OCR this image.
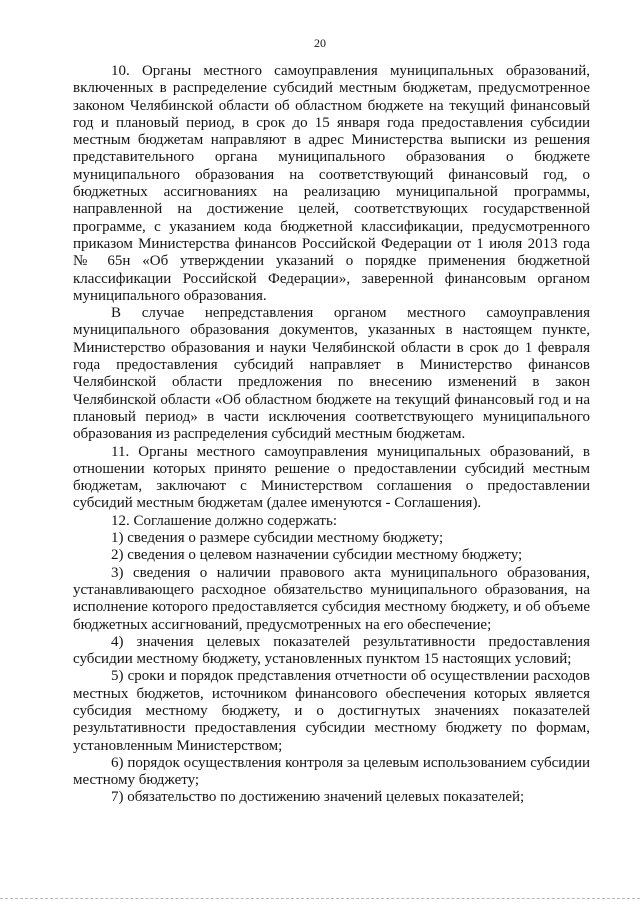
20

10. Органы местного самоуправления муниципальных образований, включенных в распределение субсидий местным бюджетам, предусмотренное законом Челябинской области об областном бюджете на текущий финансовый год и плановый период, в срок до 15 января года предоставления субсидии местным бюджетам направляют в адрес Министерства выписки из решения представительного органа муниципального образования о бюджете муниципального образования на соответствующий финансовый год, о бюджетных ассигнованиях на реализацию муниципальной программы, направленной на достижение целей, соответствующих государственной программе, с указанием кода бюджетной классификации, предусмотренного приказом Министерства финансов Российской Федерации от 1 июля 2013 года № 65н «Об утверждении указаний о порядке применения бюджетной классификации Российской Федерации», заверенной финансовым органом муниципального образования.

В случае непредставления органом местного самоуправления муниципального образования документов, указанных в настоящем пункте, Министерство образования и науки Челябинской области в срок до 1 февраля года предоставления субсидий направляет в Министерство финансов Челябинской области предложения по внесению изменений в закон Челябинской области «Об областном бюджете на текущий финансовый год и на плановый период» в части исключения соответствующего муниципального образования из распределения субсидий местным бюджетам.

11. Органы местного самоуправления муниципальных образований, в отношении которых принято решение о предоставлении субсидий местным бюджетам, заключают с Министерством соглашения о предоставлении субсидий местным бюджетам (далее именуются - Соглашения).

12. Соглашение должно содержать:

1) сведения о размере субсидии местному бюджету;

2) сведения о целевом назначении субсидии местному бюджету;

3) сведения о наличии правового акта муниципального образования, устанавливающего расходное обязательство муниципального образования, на исполнение которого предоставляется субсидия местному бюджету, и об объеме бюджетных ассигнований, предусмотренных на его обеспечение;

4) значения целевых показателей результативности предоставления субсидии местному бюджету, установленных пунктом 15 настоящих условий;

5) сроки и порядок представления отчетности об осуществлении расходов местных бюджетов, источником финансового обеспечения которых является субсидия местному бюджету, и о достигнутых значениях показателей результативности предоставления субсидии местному бюджету по формам, установленным Министерством;

6) порядок осуществления контроля за целевым использованием субсидии местному бюджету;

7) обязательство по достижению значений целевых показателей;
